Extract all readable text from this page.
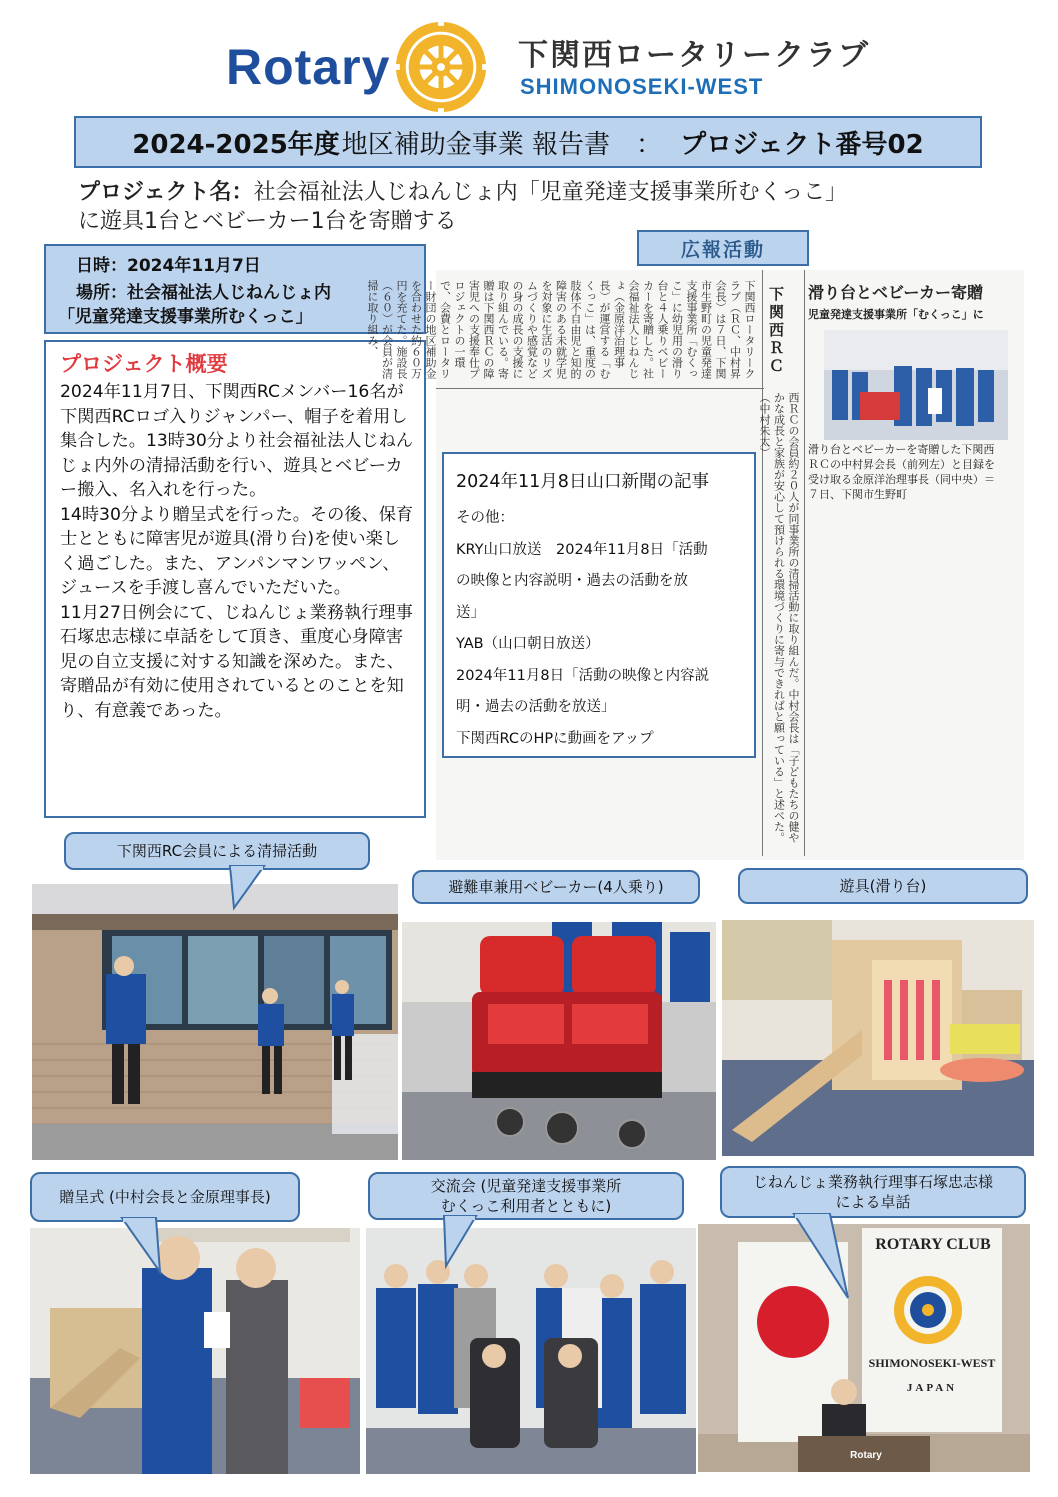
Rotary	下関西ロータリークラブ
SHIMONOSEKI-WEST
2024-2025年度 地区補助金事業 報告書　： プロジェクト番号02
プロジェクト名：社会福祉法人じねんじょ内「児童発達支援事業所むくっこ」
に遊具1台とベビーカー1台を寄贈する
広報活動
日時：2024年11月7日
場所：社会福祉法人じねんじょ内
「児童発達支援事業所むくっこ」
プロジェクト概要

2024年11月7日、下関西RCメンバー16名が下関西RCロゴ入りジャンパー、帽子を着用し集合した。13時30分より社会福祉法人じねんじょ内外の清掃活動を行い、遊具とベビーカー搬入、名入れを行った。
14時30分より贈呈式を行った。その後、保育士とともに障害児が遊具(滑り台)を使い楽しく過ごした。また、アンパンマンワッペン、ジュースを手渡し喜んでいただいた。
11月27日例会にて、じねんじょ業務執行理事石塚忠志様に卓話をして頂き、重度心身障害児の自立支援に対する知識を深めた。また、寄贈品が有効に使用されているとのことを知り、有意義であった。

下関西ロータリークラブ（ＲＣ、中村昇会長）は７日、下関市生野町の児童発達支援事業所「むくっこ」に幼児用の滑り台と４人乗りベビーカーを寄贈した。社会福祉法人じねんじょ（金原洋治理事長）が運営する「むくっこ」は、重度の肢体不自由児と知的障害のある未就学児を対象に生活のリズムづくりや感覚などの身の成長の支援に取り組んでいる。寄贈は下関西ＲＣの障害児への支援奉仕プロジェクトの一環で、会費とロータリー財団の地区補助金を合わせた約６０万円を充てた。施設長（６０）が会員が清掃に取り組み、
西ＲＣの会員約２０人が同事業所の清掃活動に取り組んだ。中村会長は「子どもたちの健やかな成長と家族が安心して預けられる環境づくりに寄与できればと願っている」と述べた。（中村朱太）
下関西ＲＣ 滑り台とベビーカー寄贈
児童発達支援事業所「むくっこ」に
滑り台とベビーカーを寄贈した下関西ＲＣの中村昇会長（前列左）と目録を受け取る金原洋治理事長（同中央）＝７日、下関市生野町
2024年11月8日山口新聞の記事
その他：
KRY山口放送　2024年11月8日「活動
の映像と内容説明・過去の活動を放
送」
YAB（山口朝日放送）
2024年11月8日「活動の映像と内容説
明・過去の活動を放送」
下関西RCのHPに動画をアップ
ROTARY CLUB
SHIMONOSEKI-WEST
JAPAN
Rotary
下関西RC会員による清掃活動
避難車兼用ベビーカー(4人乗り)	遊具(滑り台)
贈呈式 (中村会長と金原理事長)
交流会 (児童発達支援事業所
むくっこ利用者とともに)
じねんじょ業務執行理事石塚忠志様
による卓話
